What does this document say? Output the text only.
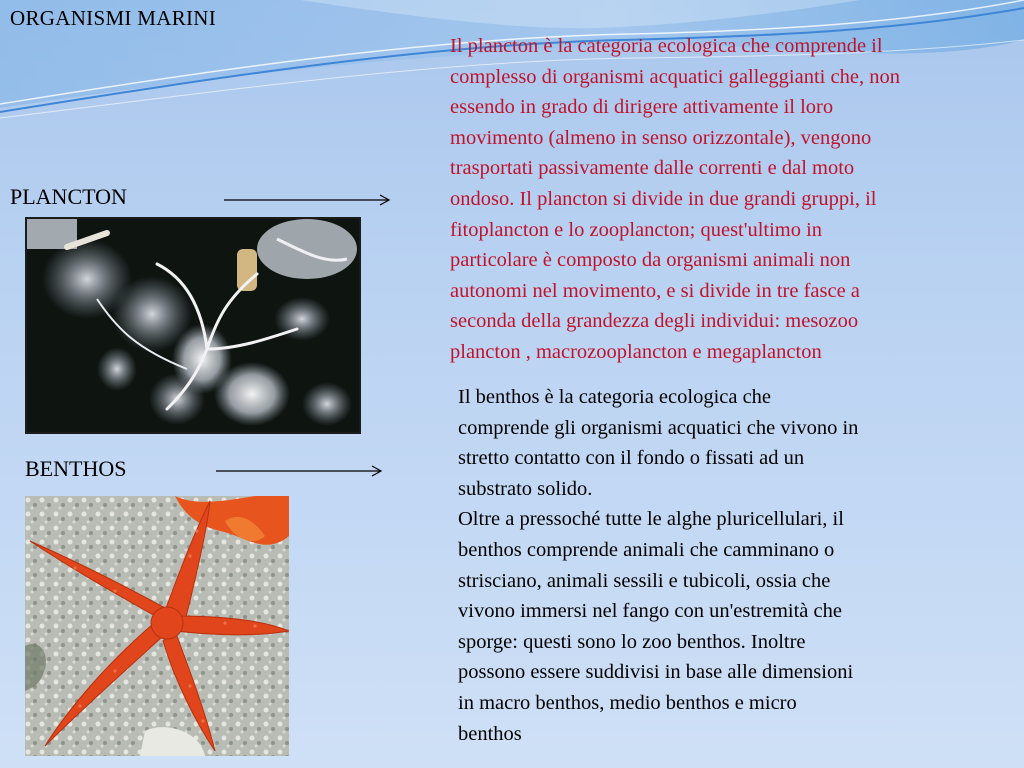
ORGANISMI MARINI
PLANCTON
BENTHOS
Il plancton è la categoria ecologica che comprende il
complesso di organismi acquatici galleggianti che, non
essendo in grado di dirigere attivamente il loro
movimento (almeno in senso orizzontale), vengono
trasportati passivamente dalle correnti e dal moto
ondoso. Il plancton si divide in due grandi gruppi, il
fitoplancton e lo zooplancton; quest'ultimo in
particolare è composto da organismi animali non
autonomi nel movimento, e si divide in tre fasce a
seconda della grandezza degli individui: mesozoo
plancton , macrozooplancton e megaplancton
Il benthos è la categoria ecologica che
comprende gli organismi acquatici che vivono in
stretto contatto con il fondo o fissati ad un
substrato solido.
Oltre a pressoché tutte le alghe pluricellulari, il
benthos comprende animali che camminano o
strisciano, animali sessili e tubicoli, ossia che
vivono immersi nel fango con un'estremità che
sporge: questi sono lo zoo benthos. Inoltre
possono essere suddivisi in base alle dimensioni
in macro benthos, medio benthos e micro
benthos
